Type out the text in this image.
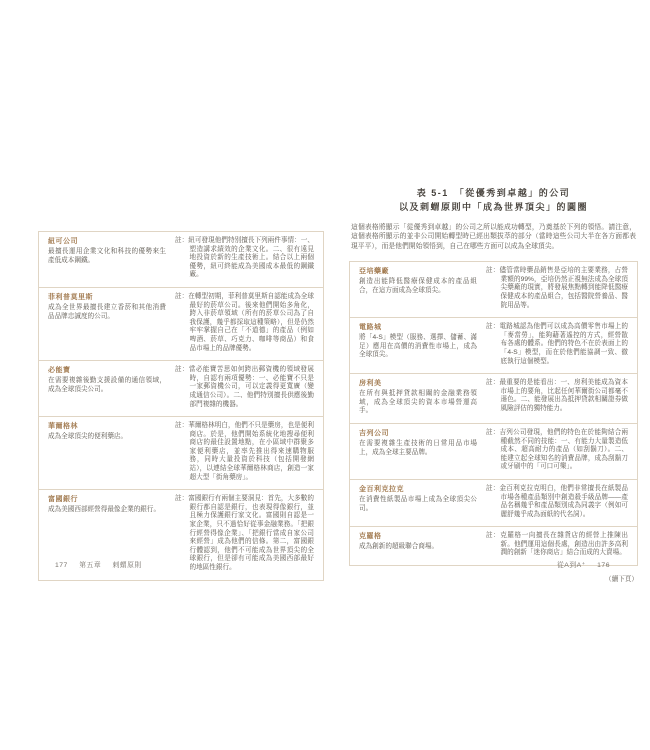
紐可公司
最擅長運用企業文化和科技的優勢來生產低成本鋼鐵。
註：紐可發現他們特別擅長下列兩件事情：一、塑造講求績效的企業文化。二、很有遠見地投資於新的生產技術上。結合以上兩個優勢，紐可終能成為美國成本最低的鋼鐵廠。
菲利普莫里斯
成為全世界最擅長建立香菸和其他消費品品牌忠誠度的公司。
註：在轉型初期，菲利普莫里斯自認能成為全球最好的菸草公司。後來他們開始多角化，跨入非菸草領域（所有的菸草公司為了自我保護，幾乎都採取這種策略），但是仍然牢牢掌握自己在「不道德」的產品（例如啤酒、菸草、巧克力、咖啡等商品）和食品市場上的品牌優勢。
必能寶
在需要複雜後勤支援設備的通信領域，成為全球頂尖公司。
註：當必能寶苦思如何跨出郵資機的領域發展時，自認有兩項優勢：一、必能寶不只是一家郵資機公司，可以定義得更寬廣（變成通信公司）。二、他們特別擅長供應後勤部門複雜的機器。
華爾格林
成為全球頂尖的便利藥店。
註：華爾格林明白，他們不只是藥房，也是便利商店。於是，他們開始系統化地搜尋便利商店的最佳設置地點，在小區域中群聚多家便利藥店，並率先推出得來速購物服務，同時大量投資於科技（包括開發網站），以連結全球華爾格林商店，創造一家超大型「街角藥房」。
富國銀行
成為美國西部經營得最像企業的銀行。
註：富國銀行有兩個主要洞見：首先，大多數的銀行都自認是銀行，也表現得像銀行，並且極力保護銀行家文化。富國則自認是一家企業，只不過恰好從事金融業務。「把銀行經營得像企業」、「把銀行當成自家公司來經營」成為他們的信條。第二，富國銀行體認到，他們不可能成為世界頂尖的全球銀行，但是卻有可能成為美國西部最好的地區性銀行。
表 5-1　「從優秀到卓越」的公司
以及刺蝟原則中「成為世界頂尖」的圓圈
這個表格將顯示「從優秀到卓越」的公司之所以能成功轉型，乃奠基於下列的領悟。請注意，這個表格所顯示的並非公司開始轉型時已經出類拔萃的部分（當時這些公司大半在各方面都表現平平），而是他們開始領悟到，自己在哪些方面可以成為全球頂尖。
亞培藥廠
創造出能降低醫療保健成本的產品組合，在這方面成為全球頂尖。
註：儘管當時藥品銷售是亞培的主要業務，占營業額的99%，亞培仍然正視無法成為全球頂尖藥廠的現實，將發展焦點轉到能降低醫療保健成本的產品組合，包括醫院營養品、醫院用品等。
電路城
將「4-S」模型（服務、選擇、儲蓄、滿足）應用在高價的消費性市場上，成為全球頂尖。
註：電路城認為他們可以成為高價零售市場上的「麥當勞」，能夠藉著遙控的方式，經營散布各處的體系。他們的特色不在於表面上的「4-S」模型，而在於他們能協調一致、徹底執行這個模型。
房利美
在所有與抵押貸款相關的金融業務領域，成為全球頂尖的資本市場營運高手。
註：最重要的是能看出：一、房利美能成為資本市場上的要角，比起任何華爾街公司都毫不遜色。二、能發展出為抵押貸款相關證券做風險評估的獨特能力。
吉列公司
在需要複雜生產技術的日常用品市場上，成為全球主要品牌。
註：吉列公司發現，他們的特色在於能夠結合兩種截然不同的技能：一、有能力大量製造低成本、超高耐力的產品（如刮鬍刀）。二、能建立起全球知名的消費品牌，成為刮鬍刀或牙刷中的「可口可樂」。
金百利克拉克
在消費性紙製品市場上成為全球頂尖公司。
註：金百利克拉克明白，他們非常擅長在紙製品市場各種產品類別中創造殺手級品牌——產品名稱幾乎和產品類別成為同義字（例如可麗舒幾乎成為面紙的代名詞）。
克羅格
成為創新的超級聯合商場。
註：克羅格一向擅長在雜貨店的經營上推陳出新。他們運用這個長處，創造出由許多高利潤的創新「迷你商店」結合而成的大賣場。
（續下頁）
177 第五章 刺蝟原則	從A到A⁺ 176
